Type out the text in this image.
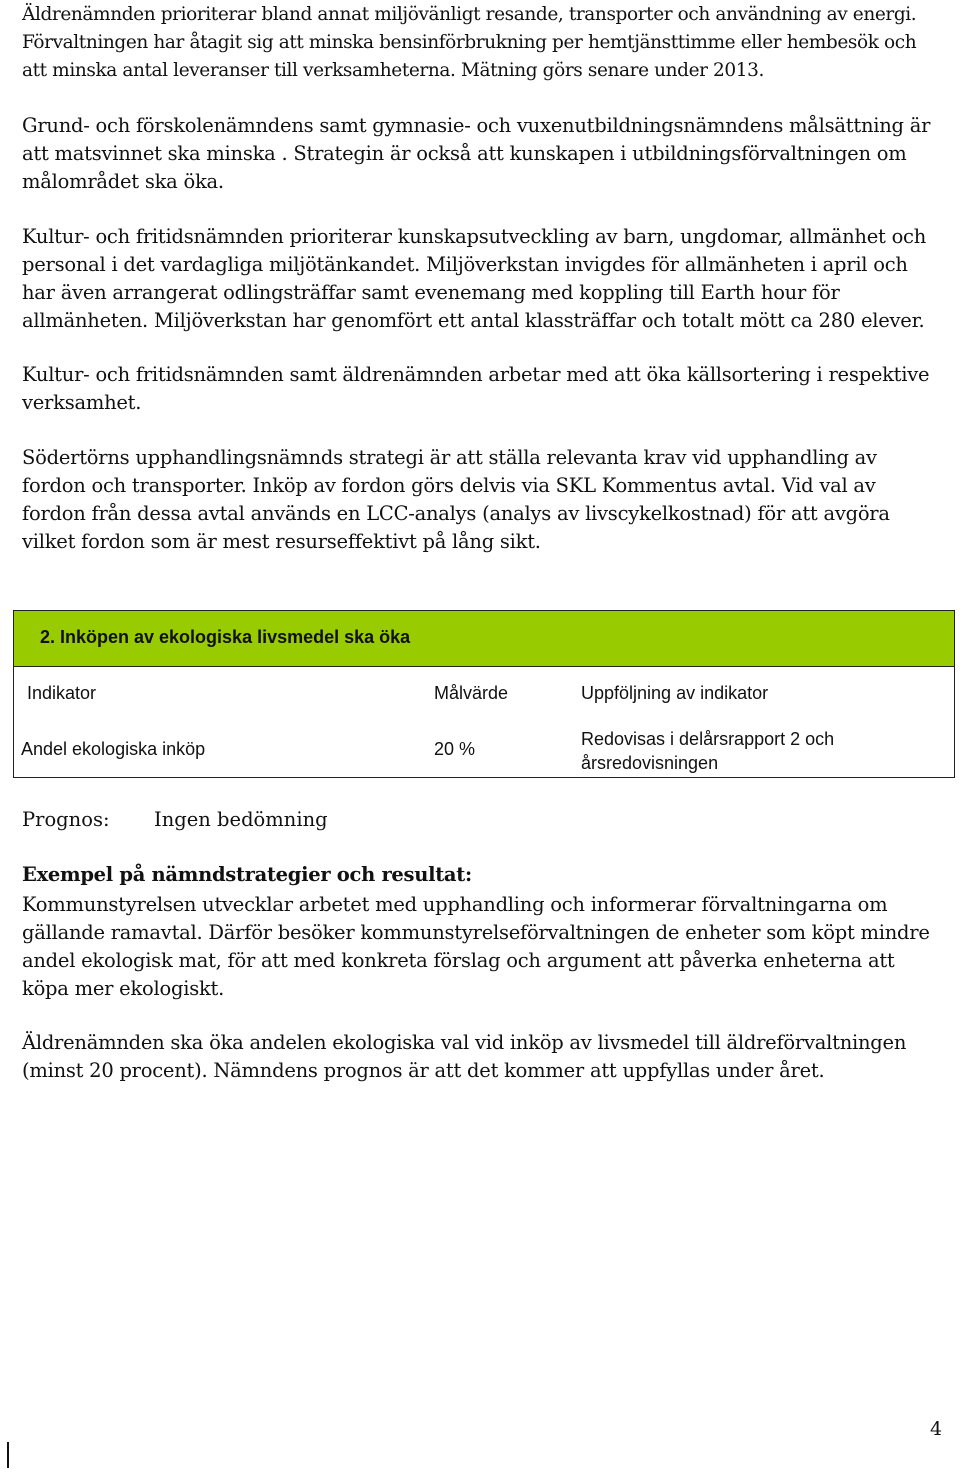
Äldrenämnden prioriterar bland annat miljövänligt resande, transporter och användning av energi. Förvaltningen har åtagit sig att minska bensinförbrukning per hemtjänsttimme eller hembesök och att minska antal leveranser till verksamheterna. Mätning görs senare under 2013.

Grund- och förskolenämndens samt gymnasie- och vuxenutbildningsnämndens målsättning är att matsvinnet ska minska . Strategin är också att kunskapen i utbildningsförvaltningen om målområdet ska öka.

Kultur- och fritidsnämnden prioriterar kunskapsutveckling av barn, ungdomar, allmänhet och personal i det vardagliga miljötänkandet. Miljöverkstan invigdes för allmänheten i april och har även arrangerat odlingsträffar samt evenemang med koppling till Earth hour för allmänheten. Miljöverkstan har genomfört ett antal klassträffar och totalt mött ca 280 elever.

Kultur- och fritidsnämnden samt äldrenämnden arbetar med att öka källsortering i respektive verksamhet.

Södertörns upphandlingsnämnds strategi är att ställa relevanta krav vid upphandling av fordon och transporter. Inköp av fordon görs delvis via SKL Kommentus avtal. Vid val av fordon från dessa avtal används en LCC-analys (analys av livscykelkostnad) för att avgöra vilket fordon som är mest resurseffektivt på lång sikt.

2. Inköpen av ekologiska livsmedel ska öka
Indikator	Målvärde	Uppföljning av indikator
Andel ekologiska inköp	20 %	Redovisas i delårsrapport 2 och årsredovisningen
Prognos: Ingen bedömning
Exempel på nämndstrategier och resultat:

Kommunstyrelsen utvecklar arbetet med upphandling och informerar förvaltningarna om gällande ramavtal. Därför besöker kommunstyrelseförvaltningen de enheter som köpt mindre andel ekologisk mat, för att med konkreta förslag och argument att påverka enheterna att köpa mer ekologiskt.

Äldrenämnden ska öka andelen ekologiska val vid inköp av livsmedel till äldreförvaltningen (minst 20 procent). Nämndens prognos är att det kommer att uppfyllas under året.

4
